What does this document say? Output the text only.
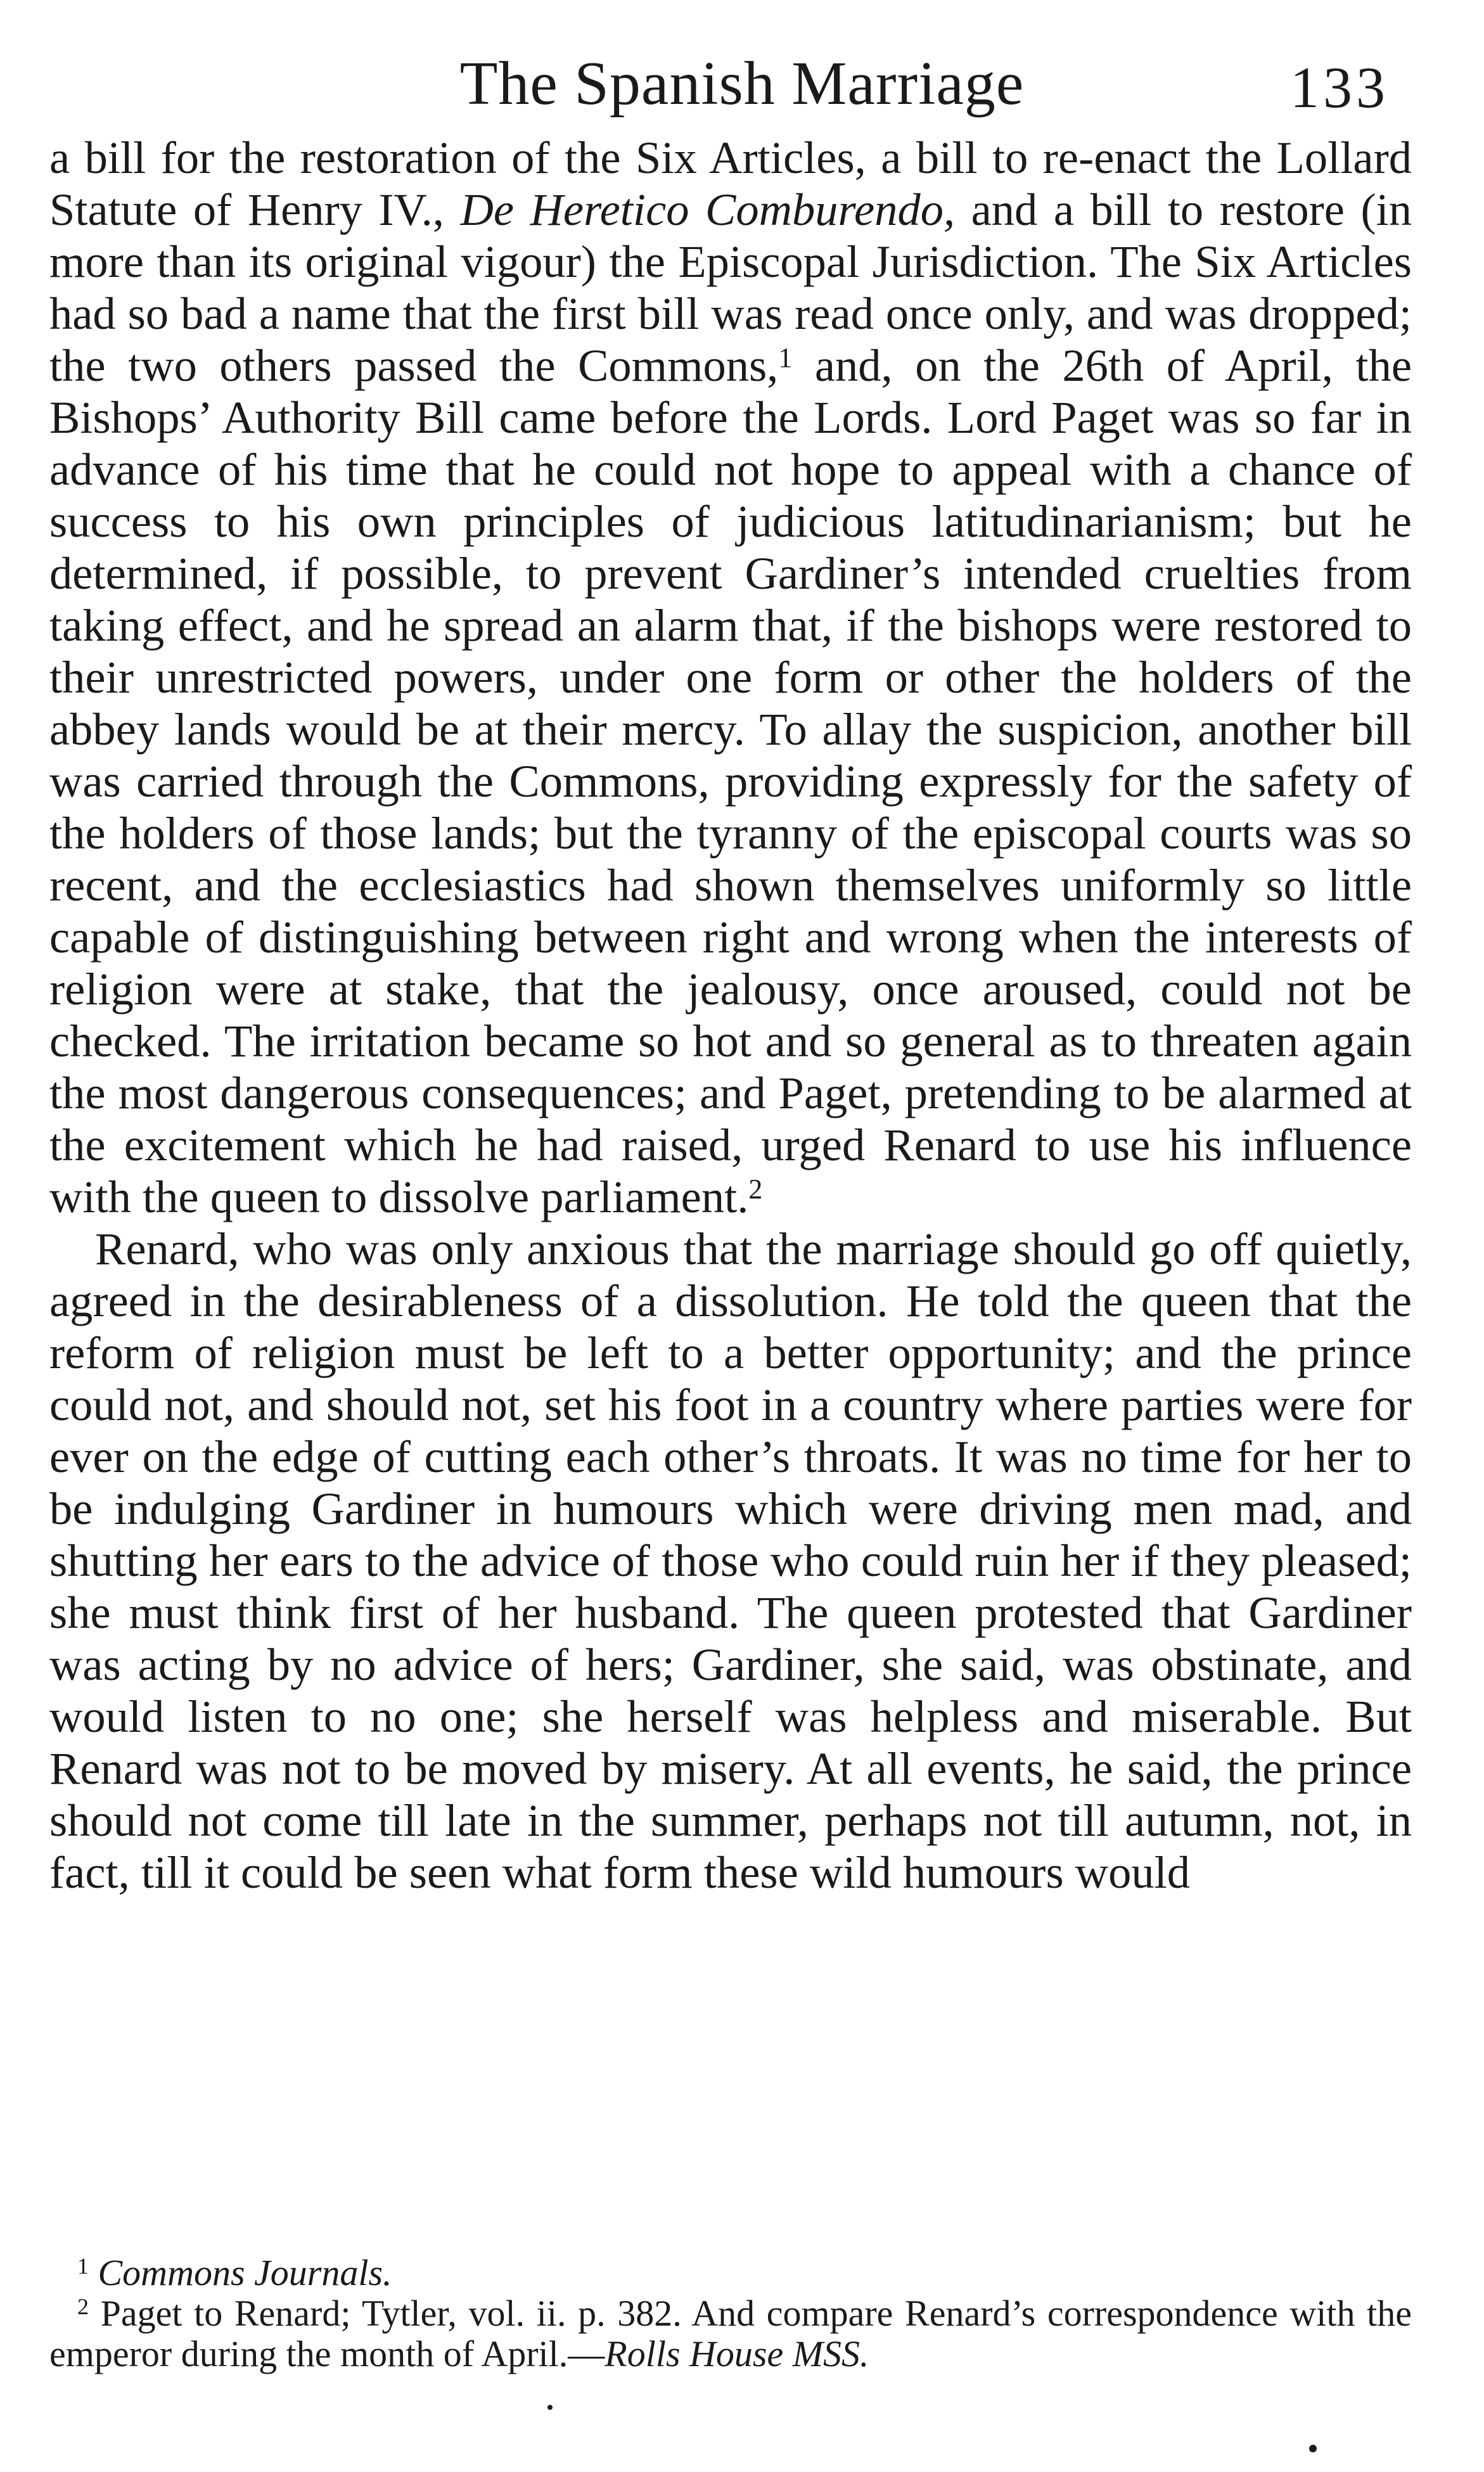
The Spanish Marriage	133

a bill for the restoration of the Six Articles, a bill to re-enact the Lollard Statute of Henry IV., De Heretico Comburendo, and a bill to restore (in more than its original vigour) the Episcopal Jurisdiction. The Six Articles had so bad a name that the first bill was read once only, and was dropped; the two others passed the Commons,$^1$ and, on the 26th of April, the Bishops’ Authority Bill came before the Lords. Lord Paget was so far in advance of his time that he could not hope to appeal with a chance of success to his own principles of judicious latitudinarianism; but he determined, if possible, to prevent Gardiner’s intended cruelties from taking effect, and he spread an alarm that, if the bishops were restored to their unrestricted powers, under one form or other the holders of the abbey lands would be at their mercy. To allay the suspicion, another bill was carried through the Commons, providing expressly for the safety of the holders of those lands; but the tyranny of the episcopal courts was so recent, and the ecclesiastics had shown themselves uniformly so little capable of distinguishing between right and wrong when the interests of religion were at stake, that the jealousy, once aroused, could not be checked. The irritation became so hot and so general as to threaten again the most dangerous consequences; and Paget, pretending to be alarmed at the excitement which he had raised, urged Renard to use his influence with the queen to dissolve parliament.$^2$

Renard, who was only anxious that the marriage should go off quietly, agreed in the desirableness of a dissolution. He told the queen that the reform of religion must be left to a better opportunity; and the prince could not, and should not, set his foot in a country where parties were for ever on the edge of cutting each other’s throats. It was no time for her to be indulging Gardiner in humours which were driving men mad, and shutting her ears to the advice of those who could ruin her if they pleased; she must think first of her husband. The queen protested that Gardiner was acting by no advice of hers; Gardiner, she said, was obstinate, and would listen to no one; she herself was helpless and miserable. But Renard was not to be moved by misery. At all events, he said, the prince should not come till late in the summer, perhaps not till autumn, not, in fact, till it could be seen what form these wild humours would

$^1$ Commons Journals.

$^2$ Paget to Renard; Tytler, vol. ii. p. 382. And compare Renard’s correspondence with the emperor during the month of April.—Rolls House MSS.
